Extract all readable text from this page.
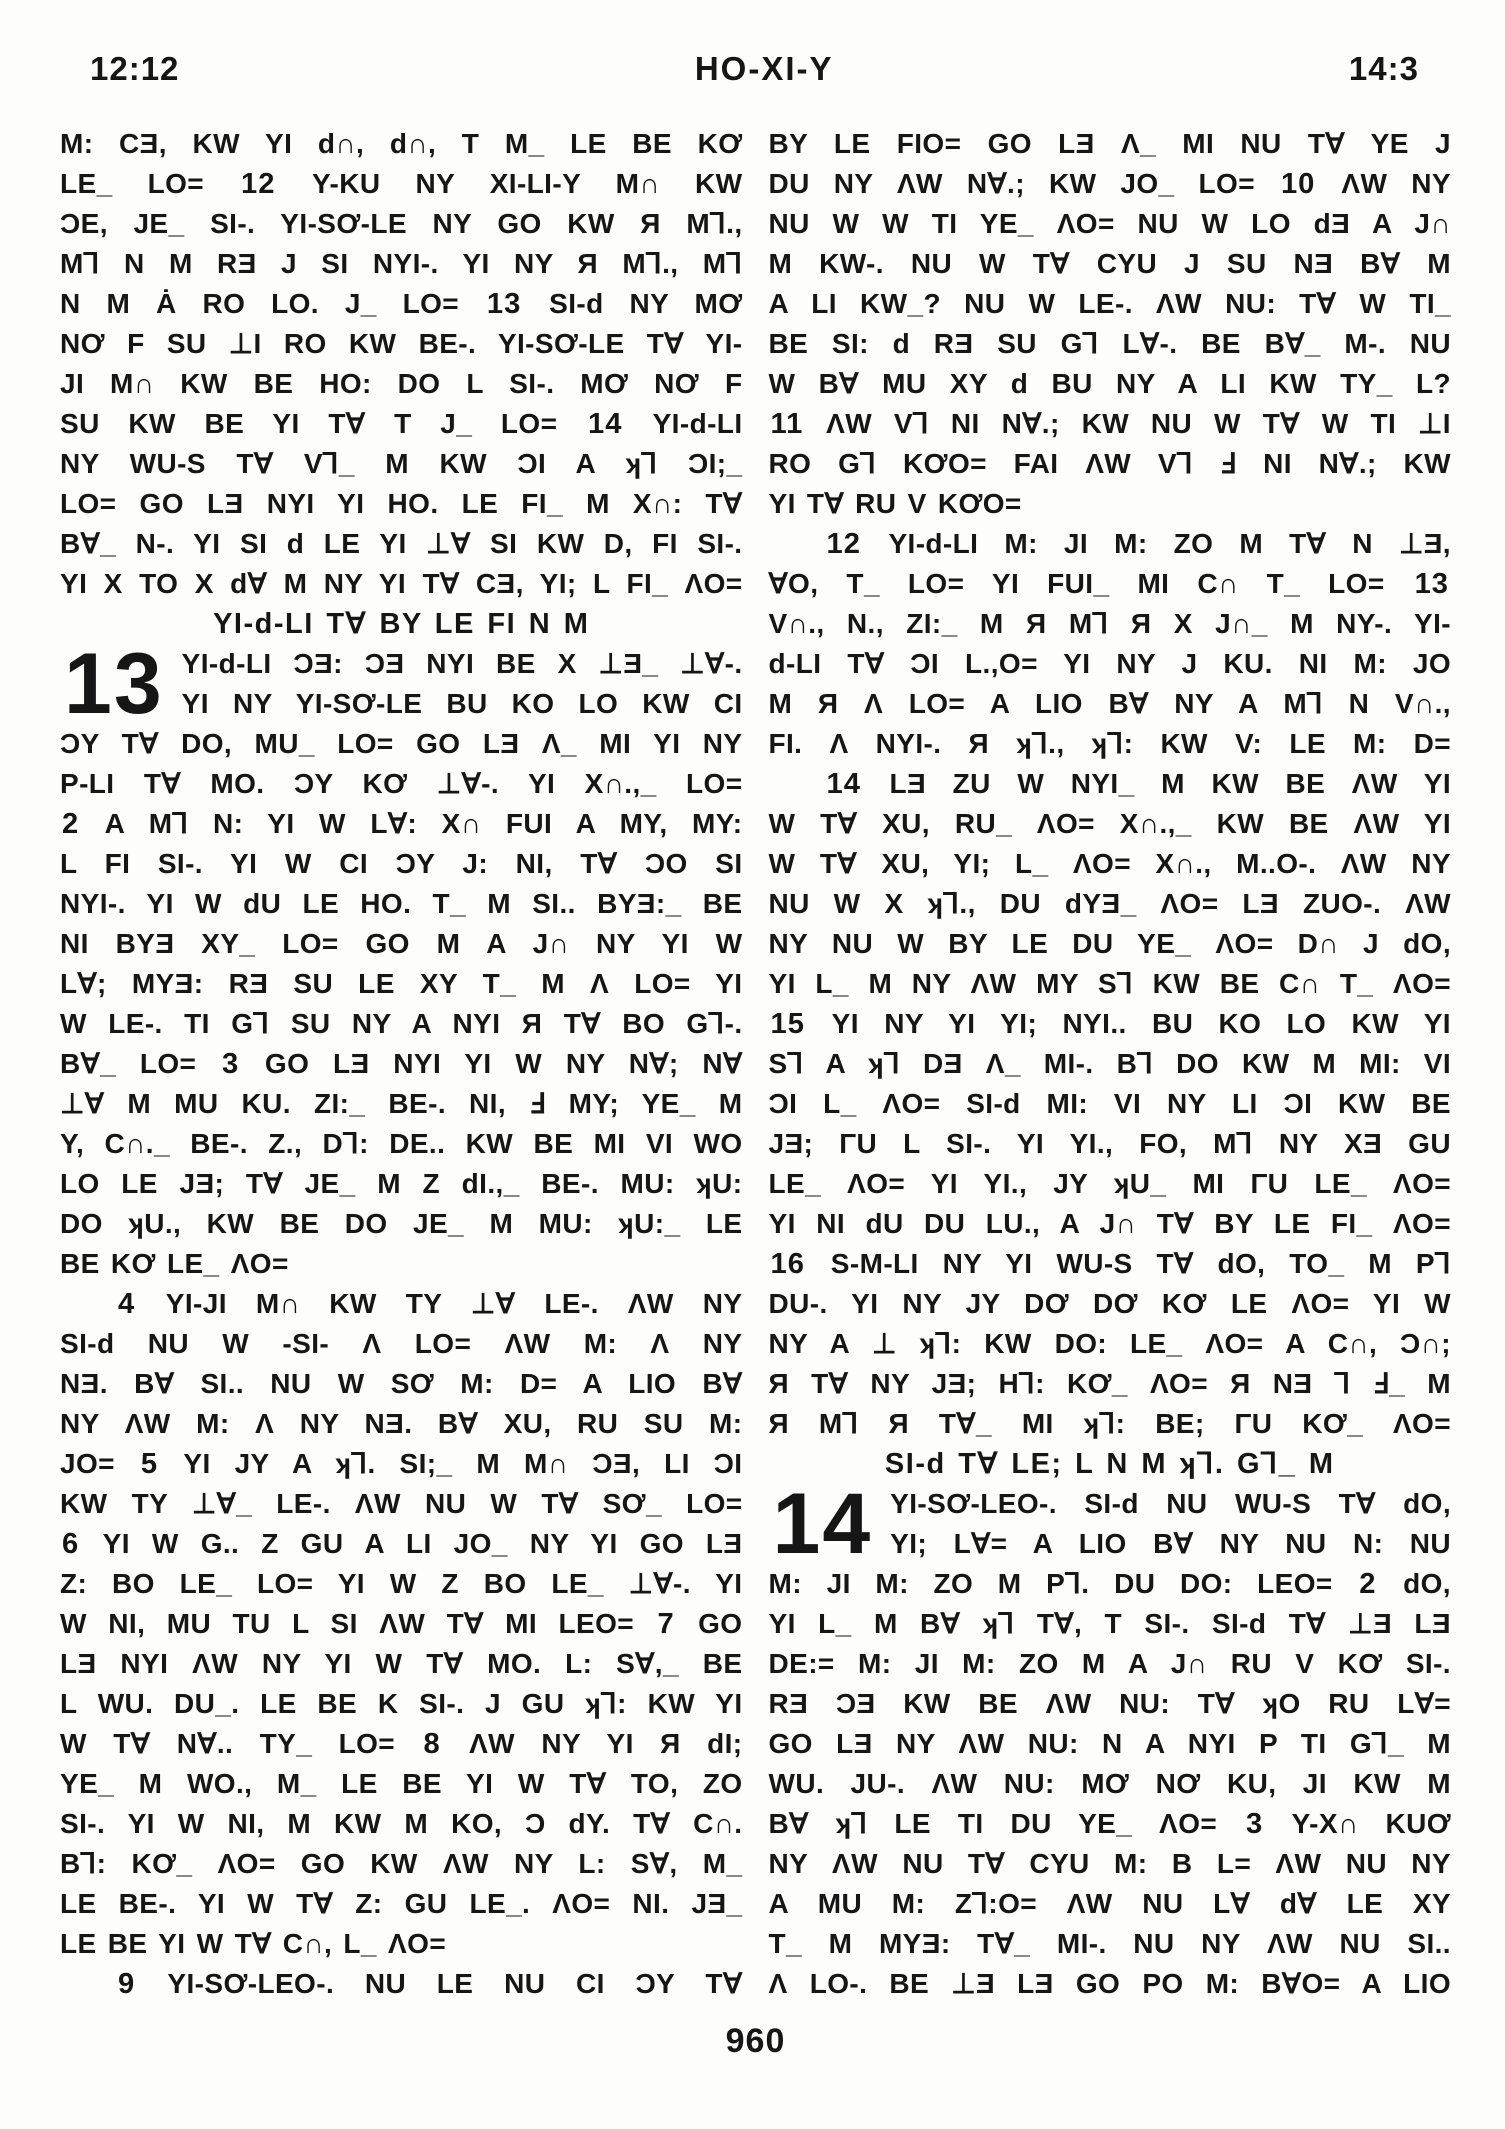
12:12	HO-XI-Y	14:3
M: CƎ, KW YI d∩, d∩, T M_ LE BE KƠ
LE_ LO= 12 Y-KU NY XI-LI-Y M∩ KW
ƆE, JE_ SI-. YI-SƠ-LE NY GO KW Я M⅂.,
M⅂ N M RƎ J SI NYI-. YI NY Я M⅂., M⅂
N M Ȧ RO LO. J_ LO= 13 SI-d NY MƠ
NƠ F SU ⊥I RO KW BE-. YI-SƠ-LE T∀ YI-
JI M∩ KW BE HO: DO L SI-. MƠ NƠ F
SU KW BE YI T∀ T J_ LO= 14 YI-d-LI
NY WU-S T∀ V⅂_ M KW ƆI A ʞ⅂ ƆI;_
LO= GO LƎ NYI YI HO. LE FI_ M X∩: T∀
B∀_ N-. YI SI d LE YI ⊥∀ SI KW D, FI SI-.
YI X TO X d∀ M NY YI T∀ CƎ, YI; L FI_ ΛO=
YI-d-LI T∀ BY LE FI N M
13 YI-d-LI ƆƎ: ƆƎ NYI BE X ⊥Ǝ_ ⊥∀-.
YI NY YI-SƠ-LE BU KO LO KW CI
ƆY T∀ DO, MU_ LO= GO LƎ Λ_ MI YI NY
P-LI T∀ MO. ƆY KƠ ⊥∀-. YI X∩.,_ LO=
2 A M⅂ N: YI W L∀: X∩ FUI A MY, MY:
L FI SI-. YI W CI ƆY J: NI, T∀ ƆO SI
NYI-. YI W dU LE HO. T_ M SI.. BYƎ:_ BE
NI BYƎ XY_ LO= GO M A J∩ NY YI W
L∀; MYƎ: RƎ SU LE XY T_ M Λ LO= YI
W LE-. TI G⅂ SU NY A NYI Я T∀ BO G⅂-.
B∀_ LO= 3 GO LƎ NYI YI W NY N∀; N∀
⊥∀ M MU KU. ZI:_ BE-. NI, Ⅎ MY; YE_ M
Y, C∩._ BE-. Z., D⅂: DE.. KW BE MI VI WO
LO LE JƎ; T∀ JE_ M Z dI.,_ BE-. MU: ʞU:
DO ʞU., KW BE DO JE_ M MU: ʞU:_ LE
BE KƠ LE_ ΛO=
4 YI-JI M∩ KW TY ⊥∀ LE-. ΛW NY
SI-d NU W -SI- Λ LO= ΛW M: Λ NY
NƎ. B∀ SI.. NU W SƠ M: D= A LIO B∀
NY ΛW M: Λ NY NƎ. B∀ XU, RU SU M:
JO= 5 YI JY A ʞ⅂. SI;_ M M∩ ƆƎ, LI ƆI
KW TY ⊥∀_ LE-. ΛW NU W T∀ SƠ_ LO=
6 YI W G.. Z GU A LI JO_ NY YI GO LƎ
Z: BO LE_ LO= YI W Z BO LE_ ⊥∀-. YI
W NI, MU TU L SI ΛW T∀ MI LEO= 7 GO
LƎ NYI ΛW NY YI W T∀ MO. L: S∀,_ BE
L WU. DU_. LE BE K SI-. J GU ʞ⅂: KW YI
W T∀ N∀.. TY_ LO= 8 ΛW NY YI Я dI;
YE_ M WO., M_ LE BE YI W T∀ TO, ZO
SI-. YI W NI, M KW M KO, Ɔ dY. T∀ C∩.
B⅂: KƠ_ ΛO= GO KW ΛW NY L: S∀, M_
LE BE-. YI W T∀ Z: GU LE_. ΛO= NI. JƎ_
LE BE YI W T∀ C∩, L_ ΛO=
9 YI-SƠ-LEO-. NU LE NU CI ƆY T∀
BY LE FIO= GO LƎ Λ_ MI NU T∀ YE J
DU NY ΛW N∀.; KW JO_ LO= 10 ΛW NY
NU W W TI YE_ ΛO= NU W LO dƎ A J∩
M KW-. NU W T∀ CYU J SU NƎ B∀ M
A LI KW_? NU W LE-. ΛW NU: T∀ W TI_
BE SI: d RƎ SU G⅂ L∀-. BE B∀_ M-. NU
W B∀ MU XY d BU NY A LI KW TY_ L?
11 ΛW V⅂ NI N∀.; KW NU W T∀ W TI ⊥I
RO G⅂ KƠO= FAI ΛW V⅂ Ⅎ NI N∀.; KW
YI T∀ RU V KƠO=
12 YI-d-LI M: JI M: ZO M T∀ N ⊥Ǝ,
ⱯO, T_ LO= YI FUI_ MI C∩ T_ LO= 13
V∩., N., ZI:_ M Я M⅂ Я X J∩_ M NY-. YI-
d-LI T∀ ƆI L.,O= YI NY J KU. NI M: JO
M Я Λ LO= A LIO B∀ NY A M⅂ N V∩.,
FI. Λ NYI-. Я ʞ⅂., ʞ⅂: KW V: LE M: D=
14 LƎ ZU W NYI_ M KW BE ΛW YI
W T∀ XU, RU_ ΛO= X∩.,_ KW BE ΛW YI
W T∀ XU, YI; L_ ΛO= X∩., M..O-. ΛW NY
NU W X ʞ⅂., DU dYƎ_ ΛO= LƎ ZUO-. ΛW
NY NU W BY LE DU YE_ ΛO= D∩ J dO,
YI L_ M NY ΛW MY S⅂ KW BE C∩ T_ ΛO=
15 YI NY YI YI; NYI.. BU KO LO KW YI
S⅂ A ʞ⅂ DƎ Λ_ MI-. B⅂ DO KW M MI: VI
ƆI L_ ΛO= SI-d MI: VI NY LI ƆI KW BE
JƎ; ΓU L SI-. YI YI., FO, M⅂ NY XƎ GU
LE_ ΛO= YI YI., JY ʞU_ MI ΓU LE_ ΛO=
YI NI dU DU LU., A J∩ T∀ BY LE FI_ ΛO=
16 S-M-LI NY YI WU-S T∀ dO, TO_ M P⅂
DU-. YI NY JY DƠ DƠ KƠ LE ΛO= YI W
NY A ⊥ ʞ⅂: KW DO: LE_ ΛO= A C∩, Ɔ∩;
Я T∀ NY JƎ; H⅂: KƠ_ ΛO= Я NƎ ⅂ Ⅎ_ M
Я M⅂ Я T∀_ MI ʞ⅂: BE; ΓU KƠ_ ΛO=
SI-d T∀ LE; L N M ʞ⅂. G⅂_ M
14 YI-SƠ-LEO-. SI-d NU WU-S T∀ dO,
YI; L∀= A LIO B∀ NY NU N: NU
M: JI M: ZO M P⅂. DU DO: LEO= 2 dO,
YI L_ M B∀ ʞ⅂ T∀, T SI-. SI-d T∀ ⊥Ǝ LƎ
DE:= M: JI M: ZO M A J∩ RU V KƠ SI-.
RƎ ƆƎ KW BE ΛW NU: T∀ ʞO RU L∀=
GO LƎ NY ΛW NU: N A NYI P TI G⅂_ M
WU. JU-. ΛW NU: MƠ NƠ KU, JI KW M
B∀ ʞ⅂ LE TI DU YE_ ΛO= 3 Y-X∩ KUƠ
NY ΛW NU T∀ CYU M: B L= ΛW NU NY
A MU M: Z⅂:O= ΛW NU L∀ d∀ LE XY
T_ M MYƎ: T∀_ MI-. NU NY ΛW NU SI..
Λ LO-. BE ⊥Ǝ LƎ GO PO M: B∀O= A LIO
960
